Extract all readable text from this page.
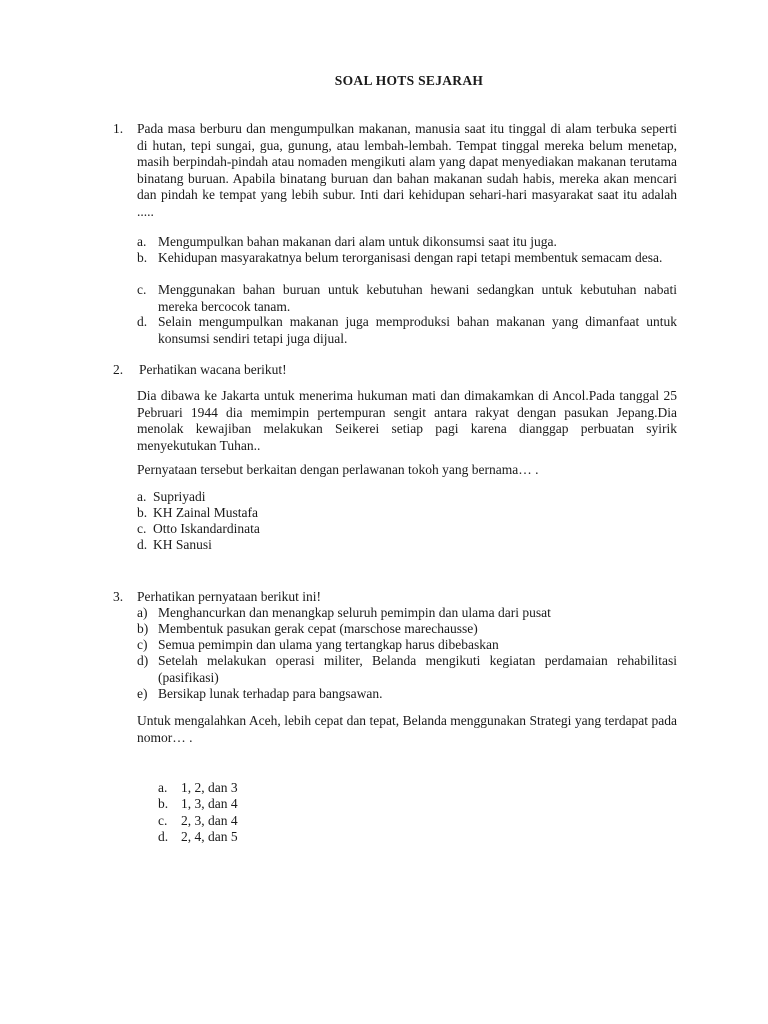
SOAL HOTS SEJARAH
1. Pada masa berburu dan mengumpulkan makanan, manusia saat itu tinggal di alam terbuka seperti di hutan, tepi sungai, gua, gunung, atau lembah-lembah. Tempat tinggal mereka belum menetap, masih berpindah-pindah atau nomaden mengikuti alam yang dapat menyediakan makanan terutama binatang buruan. Apabila binatang buruan dan bahan makanan sudah habis, mereka akan mencari dan pindah ke tempat yang lebih subur. Inti dari kehidupan sehari-hari masyarakat saat itu adalah .....
a. Mengumpulkan bahan makanan dari alam untuk dikonsumsi saat itu juga.
b. Kehidupan masyarakatnya belum terorganisasi dengan rapi tetapi membentuk semacam desa.
c. Menggunakan bahan buruan untuk kebutuhan hewani sedangkan untuk kebutuhan nabati mereka bercocok tanam.
d. Selain mengumpulkan makanan juga memproduksi bahan makanan yang dimanfaat untuk konsumsi sendiri tetapi juga dijual.
2. Perhatikan wacana berikut!
Dia dibawa ke Jakarta untuk menerima hukuman mati dan dimakamkan di Ancol.Pada tanggal 25 Pebruari 1944 dia memimpin pertempuran sengit antara rakyat dengan pasukan Jepang.Dia menolak kewajiban melakukan Seikerei setiap pagi karena dianggap perbuatan syirik menyekutukan Tuhan..
Pernyataan tersebut berkaitan dengan perlawanan tokoh yang bernama… .
a. Supriyadi
b. KH Zainal Mustafa
c. Otto Iskandardinata
d. KH Sanusi
3. Perhatikan pernyataan berikut ini!
a) Menghancurkan dan menangkap seluruh pemimpin dan ulama dari pusat
b) Membentuk pasukan gerak cepat (marschose marechausse)
c) Semua pemimpin dan ulama yang tertangkap harus dibebaskan
d) Setelah melakukan operasi militer, Belanda mengikuti kegiatan perdamaian rehabilitasi (pasifikasi)
e) Bersikap lunak terhadap para bangsawan.
Untuk mengalahkan Aceh, lebih cepat dan tepat, Belanda menggunakan Strategi yang terdapat pada nomor… .
a. 1, 2, dan 3
b. 1, 3, dan 4
c. 2, 3, dan 4
d. 2, 4, dan 5
